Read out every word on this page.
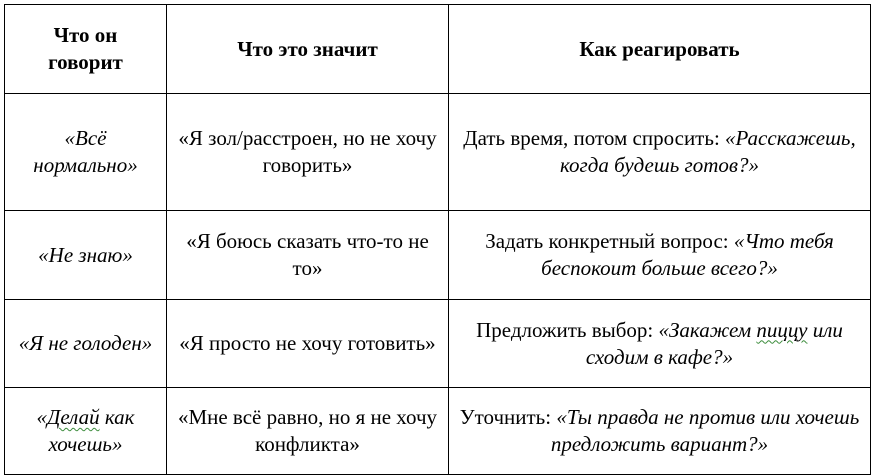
Что он говорит	Что это значит	Как реагировать
«Всё нормально»	«Я зол/расстроен, но не хочу говорить»	Дать время, потом спросить: «Расскажешь, когда будешь готов?»
«Не знаю»	«Я боюсь сказать что-то не то»	Задать конкретный вопрос: «Что тебя беспокоит больше всего?»
«Я не голоден»	«Я просто не хочу готовить»	Предложить выбор: «Закажем пиццу или сходим в кафе?»
«Делай как хочешь»	«Мне всё равно, но я не хочу конфликта»	Уточнить: «Ты правда не против или хочешь предложить вариант?»
